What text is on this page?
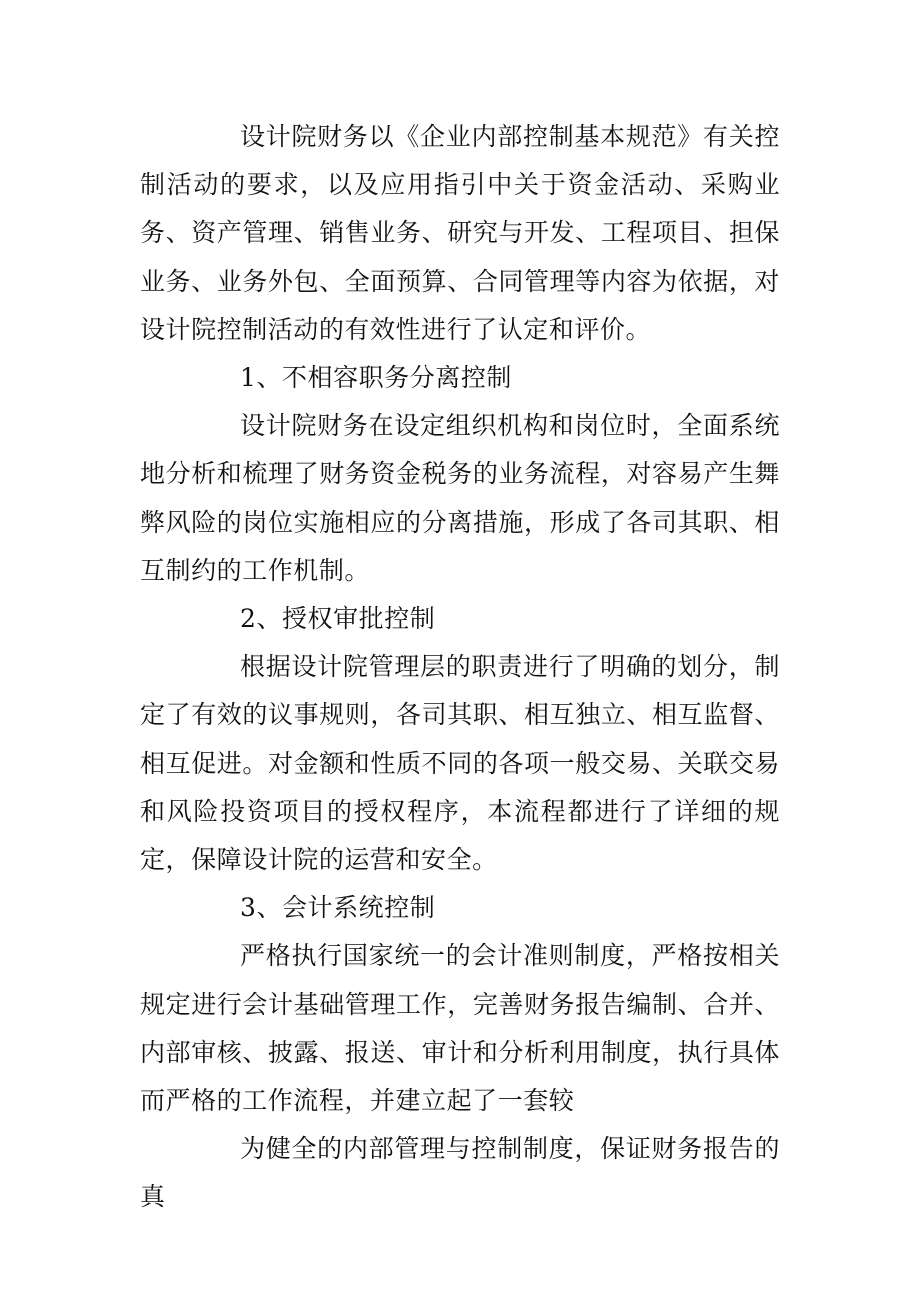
设计院财务以《企业内部控制基本规范》有关控制活动的要求，以及应用指引中关于资金活动、采购业务、资产管理、销售业务、研究与开发、工程项目、担保业务、业务外包、全面预算、合同管理等内容为依据，对设计院控制活动的有效性进行了认定和评价。

1、不相容职务分离控制

设计院财务在设定组织机构和岗位时，全面系统地分析和梳理了财务资金税务的业务流程，对容易产生舞弊风险的岗位实施相应的分离措施，形成了各司其职、相互制约的工作机制。

2、授权审批控制

根据设计院管理层的职责进行了明确的划分，制定了有效的议事规则，各司其职、相互独立、相互监督、相互促进。对金额和性质不同的各项一般交易、关联交易和风险投资项目的授权程序，本流程都进行了详细的规定，保障设计院的运营和安全。

3、会计系统控制

严格执行国家统一的会计准则制度，严格按相关规定进行会计基础管理工作，完善财务报告编制、合并、内部审核、披露、报送、审计和分析利用制度，执行具体而严格的工作流程，并建立起了一套较

为健全的内部管理与控制制度，保证财务报告的真
